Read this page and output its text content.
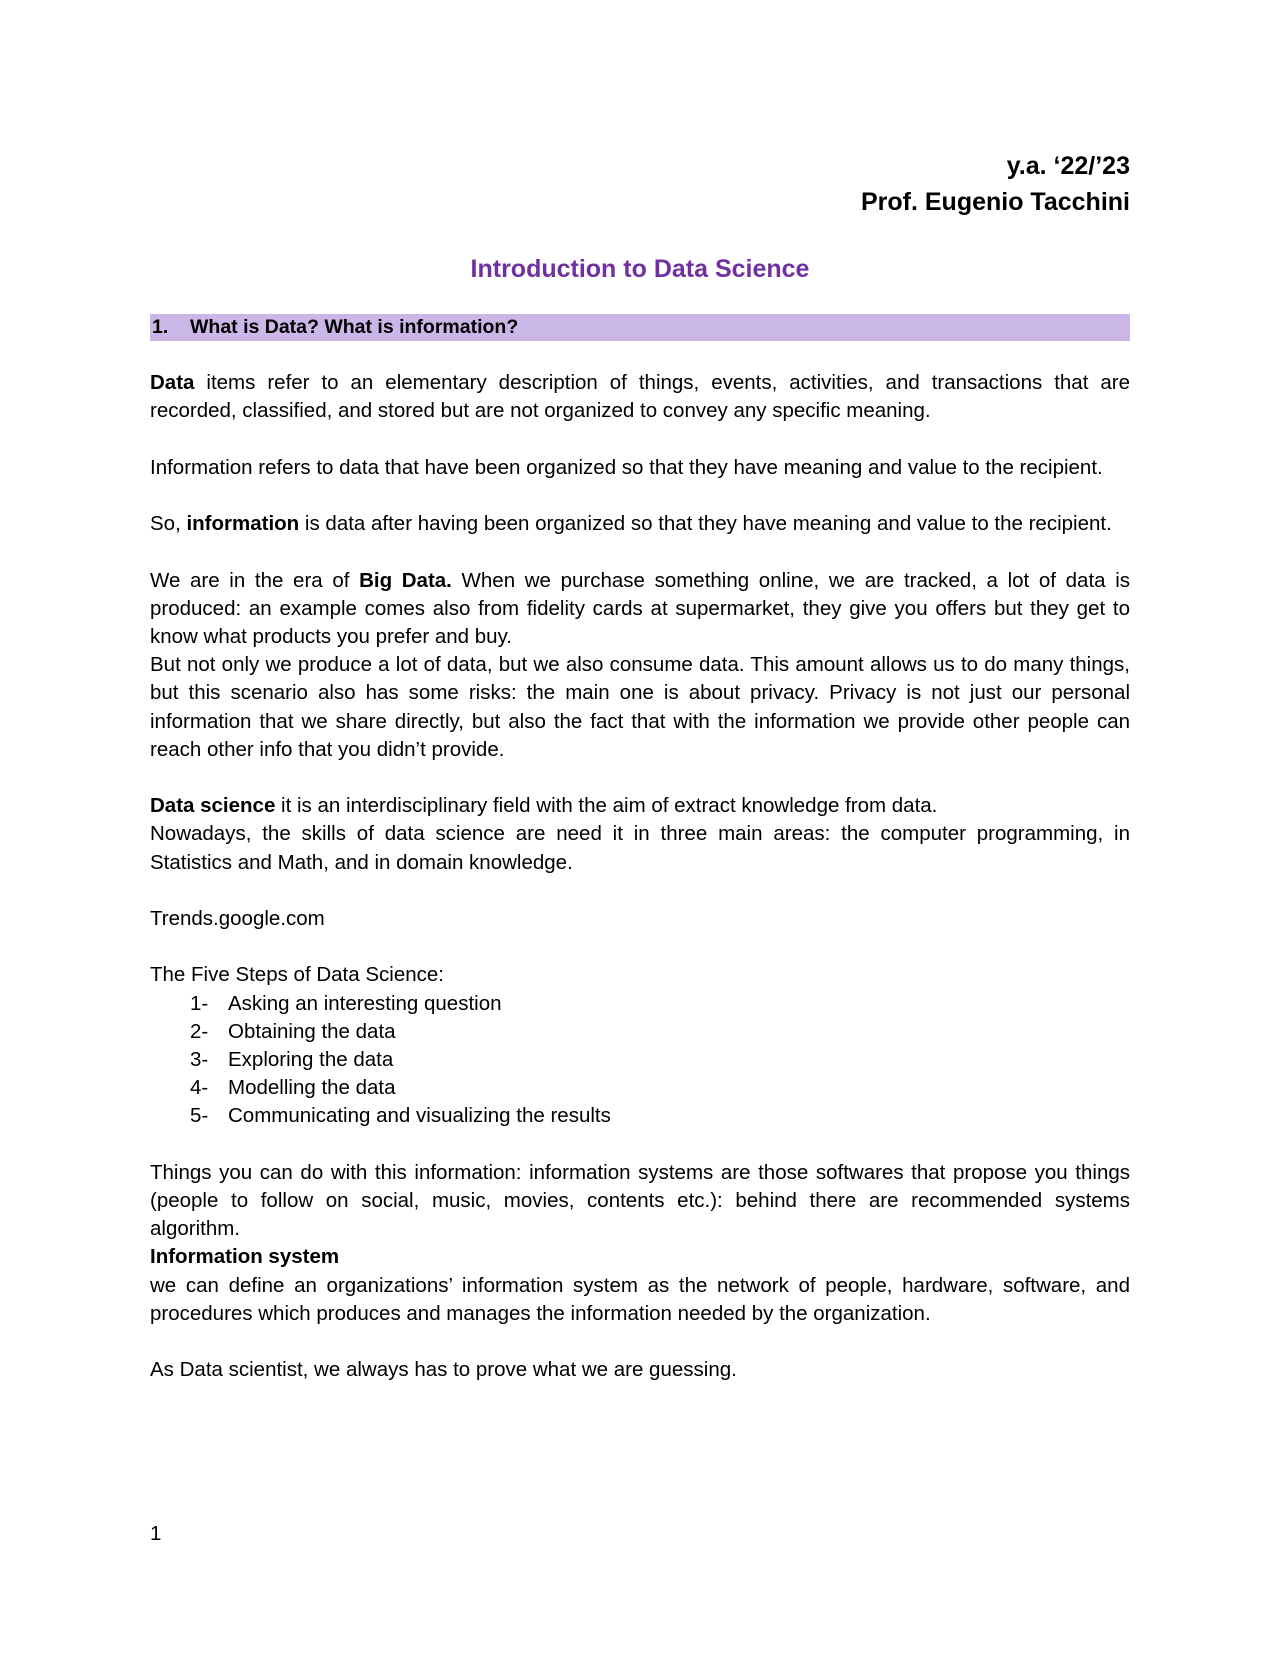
y.a. ‘22/’23
Prof. Eugenio Tacchini
Introduction to Data Science
1. What is Data? What is information?

Data items refer to an elementary description of things, events, activities, and transactions that are recorded, classified, and stored but are not organized to convey any specific meaning.

Information refers to data that have been organized so that they have meaning and value to the recipient.

So, information is data after having been organized so that they have meaning and value to the recipient.

We are in the era of Big Data. When we purchase something online, we are tracked, a lot of data is produced: an example comes also from fidelity cards at supermarket, they give you offers but they get to know what products you prefer and buy.

But not only we produce a lot of data, but we also consume data. This amount allows us to do many things, but this scenario also has some risks: the main one is about privacy. Privacy is not just our personal information that we share directly, but also the fact that with the information we provide other people can reach other info that you didn’t provide.

Data science it is an interdisciplinary field with the aim of extract knowledge from data.

Nowadays, the skills of data science are need it in three main areas: the computer programming, in Statistics and Math, and in domain knowledge.

Trends.google.com

The Five Steps of Data Science:

1- Asking an interesting question
2- Obtaining the data
3- Exploring the data
4- Modelling the data
5- Communicating and visualizing the results

Things you can do with this information: information systems are those softwares that propose you things (people to follow on social, music, movies, contents etc.): behind there are recommended systems algorithm.

Information system

we can define an organizations’ information system as the network of people, hardware, software, and procedures which produces and manages the information needed by the organization.

As Data scientist, we always has to prove what we are guessing.

1
